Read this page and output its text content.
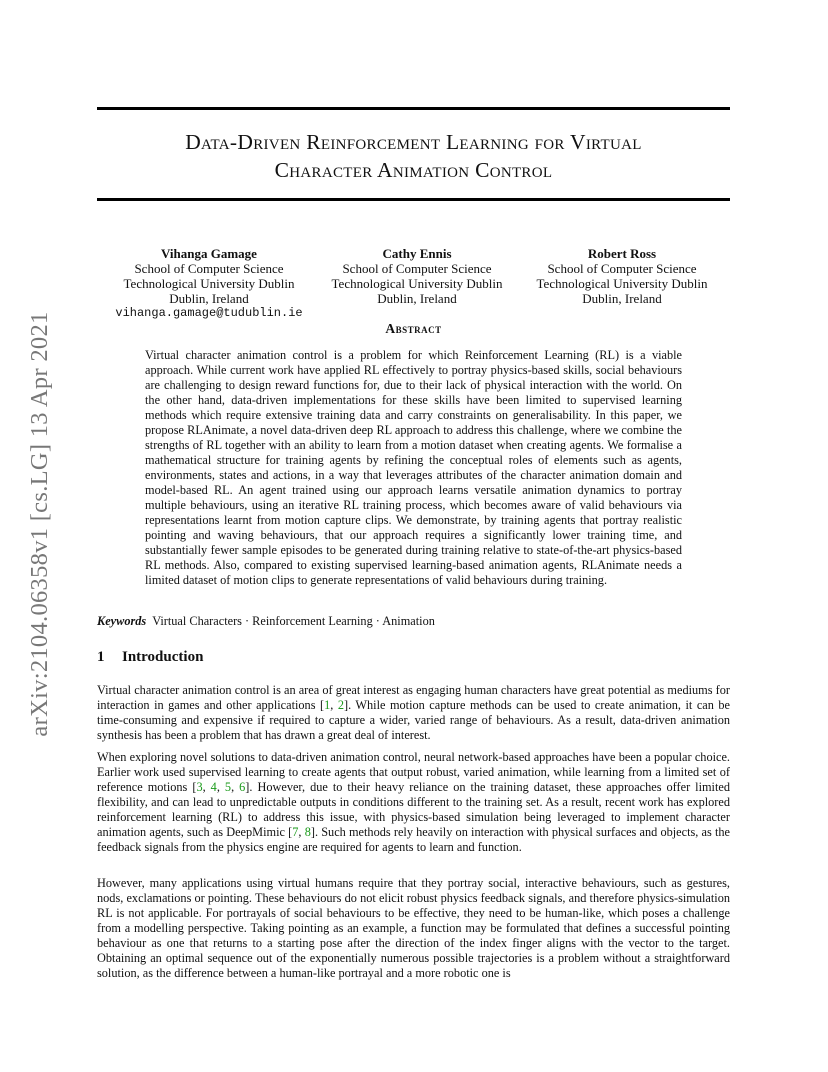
arXiv:2104.06358v1 [cs.LG] 13 Apr 2021
Data-Driven Reinforcement Learning for Virtual
Character Animation Control
Vihanga Gamage
School of Computer Science
Technological University Dublin
Dublin, Ireland
vihanga.gamage@tudublin.ie
Cathy Ennis
School of Computer Science
Technological University Dublin
Dublin, Ireland
Robert Ross
School of Computer Science
Technological University Dublin
Dublin, Ireland
Abstract

Virtual character animation control is a problem for which Reinforcement Learning (RL) is a viable approach. While current work have applied RL effectively to portray physics-based skills, social behaviours are challenging to design reward functions for, due to their lack of physical interaction with the world. On the other hand, data-driven implementations for these skills have been limited to supervised learning methods which require extensive training data and carry constraints on generalisability. In this paper, we propose RLAnimate, a novel data-driven deep RL approach to address this challenge, where we combine the strengths of RL together with an ability to learn from a motion dataset when creating agents. We formalise a mathematical structure for training agents by refining the conceptual roles of elements such as agents, environments, states and actions, in a way that leverages attributes of the character animation domain and model-based RL. An agent trained using our approach learns versatile animation dynamics to portray multiple behaviours, using an iterative RL training process, which becomes aware of valid behaviours via representations learnt from motion capture clips. We demonstrate, by training agents that portray realistic pointing and waving behaviours, that our approach requires a significantly lower training time, and substantially fewer sample episodes to be generated during training relative to state-of-the-art physics-based RL methods. Also, compared to existing supervised learning-based animation agents, RLAnimate needs a limited dataset of motion clips to generate representations of valid behaviours during training.

Keywords Virtual Characters · Reinforcement Learning · Animation
1 Introduction

Virtual character animation control is an area of great interest as engaging human characters have great potential as mediums for interaction in games and other applications [1, 2]. While motion capture methods can be used to create animation, it can be time-consuming and expensive if required to capture a wider, varied range of behaviours. As a result, data-driven animation synthesis has been a problem that has drawn a great deal of interest.

When exploring novel solutions to data-driven animation control, neural network-based approaches have been a popular choice. Earlier work used supervised learning to create agents that output robust, varied animation, while learning from a limited set of reference motions [3, 4, 5, 6]. However, due to their heavy reliance on the training dataset, these approaches offer limited flexibility, and can lead to unpredictable outputs in conditions different to the training set. As a result, recent work has explored reinforcement learning (RL) to address this issue, with physics-based simulation being leveraged to implement character animation agents, such as DeepMimic [7, 8]. Such methods rely heavily on interaction with physical surfaces and objects, as the feedback signals from the physics engine are required for agents to learn and function.

However, many applications using virtual humans require that they portray social, interactive behaviours, such as gestures, nods, exclamations or pointing. These behaviours do not elicit robust physics feedback signals, and therefore physics-simulation RL is not applicable. For portrayals of social behaviours to be effective, they need to be human-like, which poses a challenge from a modelling perspective. Taking pointing as an example, a function may be formulated that defines a successful pointing behaviour as one that returns to a starting pose after the direction of the index finger aligns with the vector to the target. Obtaining an optimal sequence out of the exponentially numerous possible trajectories is a problem without a straightforward solution, as the difference between a human-like portrayal and a more robotic one is
